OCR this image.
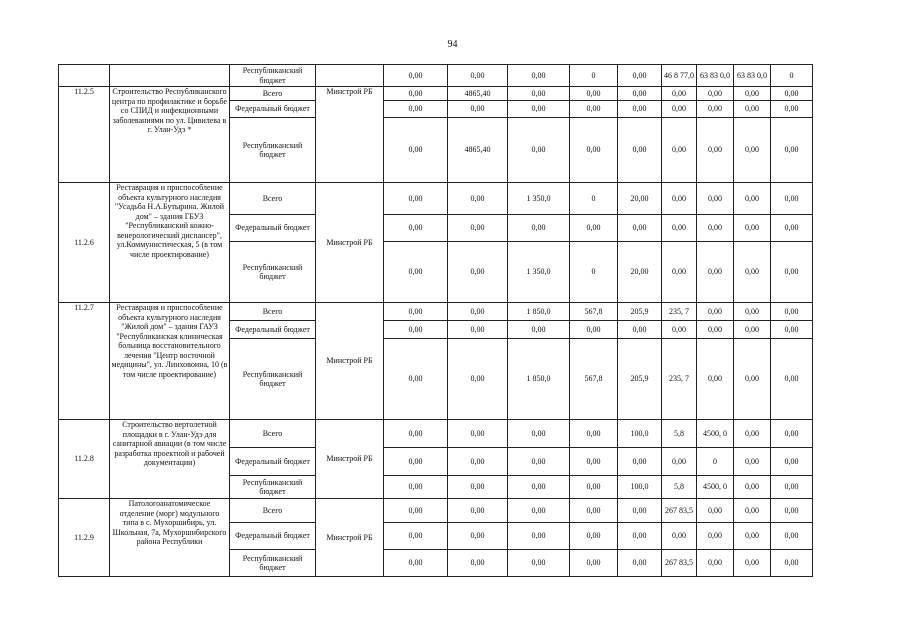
94
		Республиканский бюджет		0,00	0,00	0,00	0	0,00	46 8 77,0	63 83 0,0	63 83 0,0	0
11.2.5	Строительство Республиканского центра по профилактике и борьбе со СПИД и инфекционными заболеваниями по ул. Цивилева в г. Улан-Удэ *	Всего	Минстрой РБ	0,00	4865,40	0,00	0,00	0,00	0,00	0,00	0,00	0,00
		Федеральный бюджет		0,00	0,00	0,00	0,00	0,00	0,00	0,00	0,00	0,00
		Республиканский бюджет		0,00	4865,40	0,00	0,00	0,00	0,00	0,00	0,00	0,00
11.2.6	Реставрация и приспособление объекта культурного наследия "Усадьба Н.А.Бутырина. Жилой дом" – здания ГБУЗ "Республиканский кожно-венерологический диспансер", ул.Коммунистическая, 5 (в том числе проектирование)	Всего	Минстрой РБ	0,00	0,00	1 350,0	0	20,00	0,00	0,00	0,00	0,00
		Федеральный бюджет		0,00	0,00	0,00	0,00	0,00	0,00	0,00	0,00	0,00
		Республиканский бюджет		0,00	0,00	1 350,0	0	20,00	0,00	0,00	0,00	0,00
11.2.7	Реставрация и приспособление объекта культурного наследия "Жилой дом" – здания ГАУЗ "Республиканская клиническая больница восстановительного лечения "Центр восточной медицины", ул. Линховоина, 10 (в том числе проектирование)	Всего	Минстрой РБ	0,00	0,00	1 850,0	567,8	205,9	235, 7	0,00	0,00	0,00
		Федеральный бюджет		0,00	0,00	0,00	0,00	0,00	0,00	0,00	0,00	0,00
		Республиканский бюджет		0,00	0,00	1 850,0	567,8	205,9	235, 7	0,00	0,00	0,00
11.2.8	Строительство вертолетной площадки в г. Улан-Удэ для санитарной авиации (в том числе разработка проектной и рабочей документации)	Всего	Минстрой РБ	0,00	0,00	0,00	0,00	100,0	5,8	4500, 0	0,00	0,00
		Федеральный бюджет		0,00	0,00	0,00	0,00	0,00	0,00	0	0,00	0,00
		Республиканский бюджет		0,00	0,00	0,00	0,00	100,0	5,8	4500, 0	0,00	0,00
11.2.9	Патологоанатомическое отделение (морг) модульного типа в с. Мухоршибирь, ул. Школьная, 7а, Мухоршибирского района Республики	Всего	Минстрой РБ	0,00	0,00	0,00	0,00	0,00	267 83,5	0,00	0,00	0,00
		Федеральный бюджет		0,00	0,00	0,00	0,00	0,00	0,00	0,00	0,00	0,00
		Республиканский бюджет		0,00	0,00	0,00	0,00	0,00	267 83,5	0,00	0,00	0,00
